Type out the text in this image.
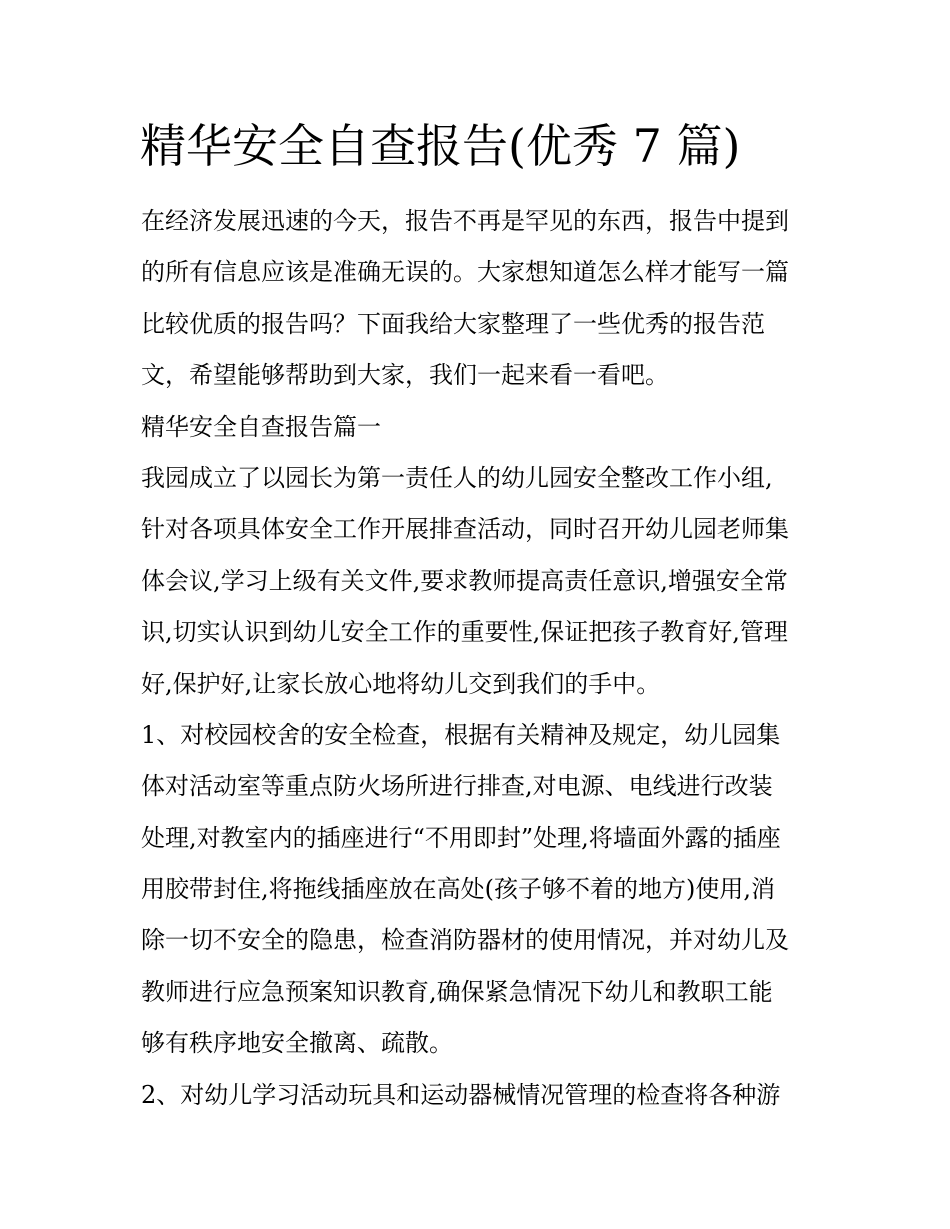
精华安全自查报告(优秀 7 篇)
在经济发展迅速的今天，报告不再是罕见的东西，报告中提到
的所有信息应该是准确无误的。大家想知道怎么样才能写一篇
比较优质的报告吗？下面我给大家整理了一些优秀的报告范
文，希望能够帮助到大家，我们一起来看一看吧。
精华安全自查报告篇一
我园成立了以园长为第一责任人的幼儿园安全整改工作小组,
针对各项具体安全工作开展排查活动，同时召开幼儿园老师集
体会议,学习上级有关文件,要求教师提高责任意识,增强安全常
识,切实认识到幼儿安全工作的重要性,保证把孩子教育好,管理
好,保护好,让家长放心地将幼儿交到我们的手中。
1、对校园校舍的安全检查，根据有关精神及规定，幼儿园集
体对活动室等重点防火场所进行排查,对电源、电线进行改装
处理,对教室内的插座进行“不用即封”处理,将墙面外露的插座
用胶带封住,将拖线插座放在高处(孩子够不着的地方)使用,消
除一切不安全的隐患，检查消防器材的使用情况，并对幼儿及
教师进行应急预案知识教育,确保紧急情况下幼儿和教职工能
够有秩序地安全撤离、疏散。
2、对幼儿学习活动玩具和运动器械情况管理的检查将各种游
